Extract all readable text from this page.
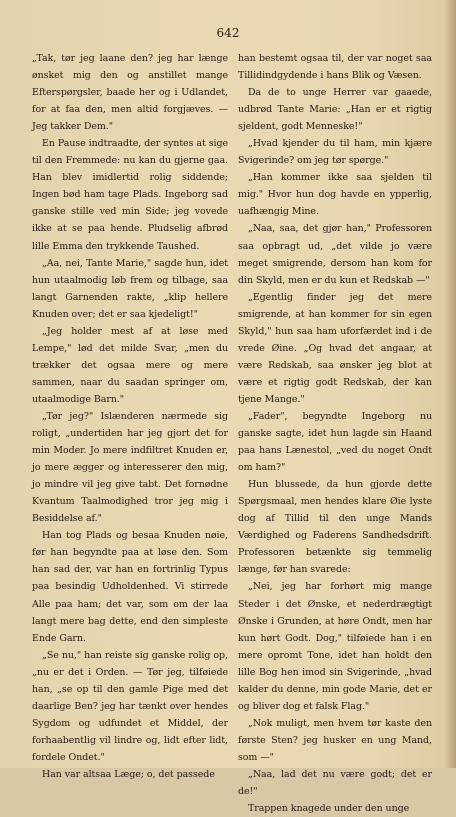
642

„Tak, tør jeg laane den? jeg har længe ønsket mig den og anstillet mange Efterspørgsler, baade her og i Udlandet, for at faa den, men altid forgjæves. — Jeg takker Dem."

En Pause indtraadte, der syntes at sige til den Fremmede: nu kan du gjerne gaa. Han blev imidlertid rolig siddende; Ingen bød ham tage Plads. Ingeborg sad ganske stille ved min Side; jeg vovede ikke at se paa hende. Pludselig afbrød lille Emma den trykkende Taushed.

„Aa, nei, Tante Marie," sagde hun, idet hun utaalmodig løb frem og tilbage, saa langt Garnenden rakte, „klip hellere Knuden over; det er saa kjedeligt!"

„Jeg holder mest af at løse med Lempe," lød det milde Svar, „men du trækker det ogsaa mere og mere sammen, naar du saadan springer om, utaalmodige Barn."

„Tør jeg?" Islænderen nærmede sig roligt, „undertiden har jeg gjort det for min Moder. Jo mere indfiltret Knuden er, jo mere ægger og interesserer den mig, jo mindre vil jeg give tabt. Det fornødne Kvantum Taalmodighed tror jeg mig i Besiddelse af."

Han tog Plads og besaa Knuden nøie, før han begyndte paa at løse den. Som han sad der, var han en fortrinlig Typus paa besindig Udholdenhed. Vi stirrede Alle paa ham; det var, som om der laa langt mere bag dette, end den simpleste Ende Garn.

„Se nu," han reiste sig ganske rolig op, „nu er det i Orden. — Tør jeg, tilføiede han, „se op til den gamle Pige med det daarlige Ben? jeg har tænkt over hendes Sygdom og udfundet et Middel, der forhaabentlig vil lindre og, lidt efter lidt, fordele Ondet."

Han var altsaa Læge; o, det passede

han bestemt ogsaa til, der var noget saa Tillidindgydende i hans Blik og Væsen.

Da de to unge Herrer var gaaede, udbrød Tante Marie: „Han er et rigtig sjeldent, godt Menneske!"

„Hvad kjender du til ham, min kjære Svigerinde? om jeg tør spørge."

„Han kommer ikke saa sjelden til mig." Hvor hun dog havde en ypperlig, uafhængig Mine.

„Naa, saa, det gjør han," Professoren saa opbragt ud, „det vilde jo være meget smigrende, dersom han kom for din Skyld, men er du kun et Redskab —"

„Egentlig finder jeg det mere smigrende, at han kommer for sin egen Skyld," hun saa ham uforfærdet ind i de vrede Øine. „Og hvad det angaar, at være Redskab, saa ønsker jeg blot at være et rigtig godt Redskab, der kan tjene Mange."

„Fader", begyndte Ingeborg nu ganske sagte, idet hun lagde sin Haand paa hans Lænestol, „ved du noget Ondt om ham?"

Hun blussede, da hun gjorde dette Spørgsmaal, men hendes klare Øie lyste dog af Tillid til den unge Mands Værdighed og Faderens Sandhedsdrift. Professoren betænkte sig temmelig længe, før han svarede:

„Nei, jeg har forhørt mig mange Steder i det Ønske, et nederdrægtigt Ønske i Grunden, at høre Ondt, men har kun hørt Godt. Dog," tilføiede han i en mere opromt Tone, idet han holdt den lille Bog hen imod sin Svigerinde, „hvad kalder du denne, min gode Marie, det er og bliver dog et falsk Flag."

„Nok muligt, men hvem tør kaste den første Sten? jeg husker en ung Mand, som —"

„Naa, lad det nu være godt; det er de!"

Trappen knagede under den unge
